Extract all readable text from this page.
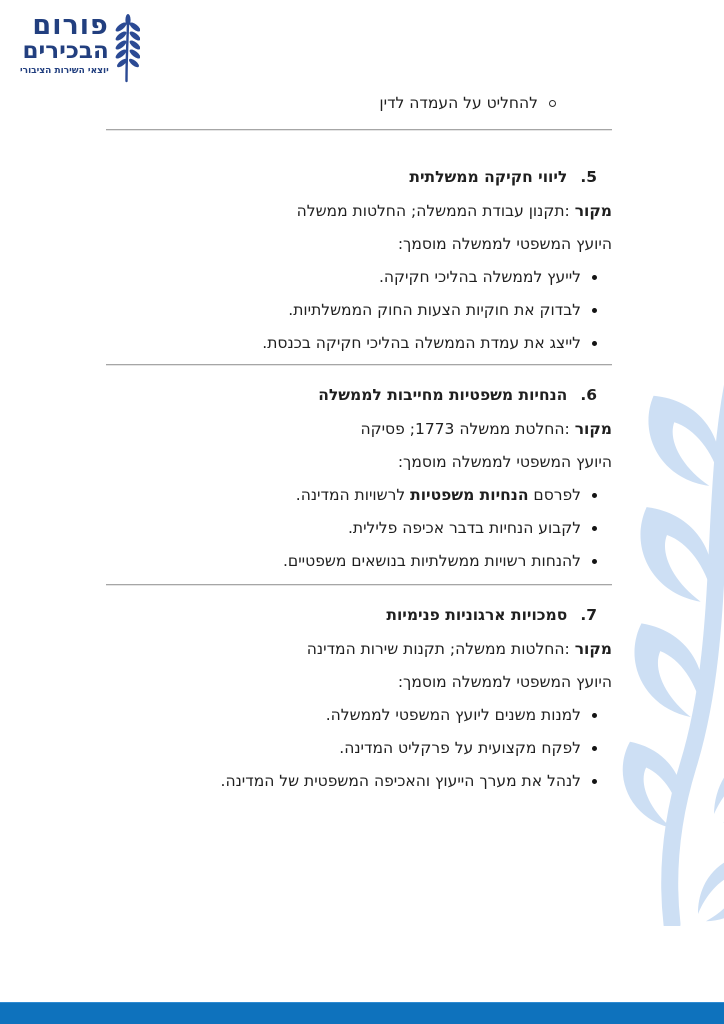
פורום
הבכירים
יוצאי השירות הציבורי
להחליט על העמדה לדין
5.
ליווי חקיקה ממשלתית
מקור :תקנון עבודת הממשלה; החלטות ממשלה
היועץ המשפטי לממשלה מוסמך:
לייעץ לממשלה בהליכי חקיקה.
לבדוק את חוקיות הצעות החוק הממשלתיות.
לייצג את עמדת הממשלה בהליכי חקיקה בכנסת.
6.
הנחיות משפטיות מחייבות לממשלה
מקור :החלטת ממשלה 1773; פסיקה
היועץ המשפטי לממשלה מוסמך:
לפרסם הנחיות משפטיות לרשויות המדינה.
לקבוע הנחיות בדבר אכיפה פלילית.
להנחות רשויות ממשלתיות בנושאים משפטיים.
7.
סמכויות ארגוניות פנימיות
מקור :החלטות ממשלה; תקנות שירות המדינה
היועץ המשפטי לממשלה מוסמך:
למנות משנים ליועץ המשפטי לממשלה.
לפקח מקצועית על פרקליט המדינה.
לנהל את מערך הייעוץ והאכיפה המשפטית של המדינה.
